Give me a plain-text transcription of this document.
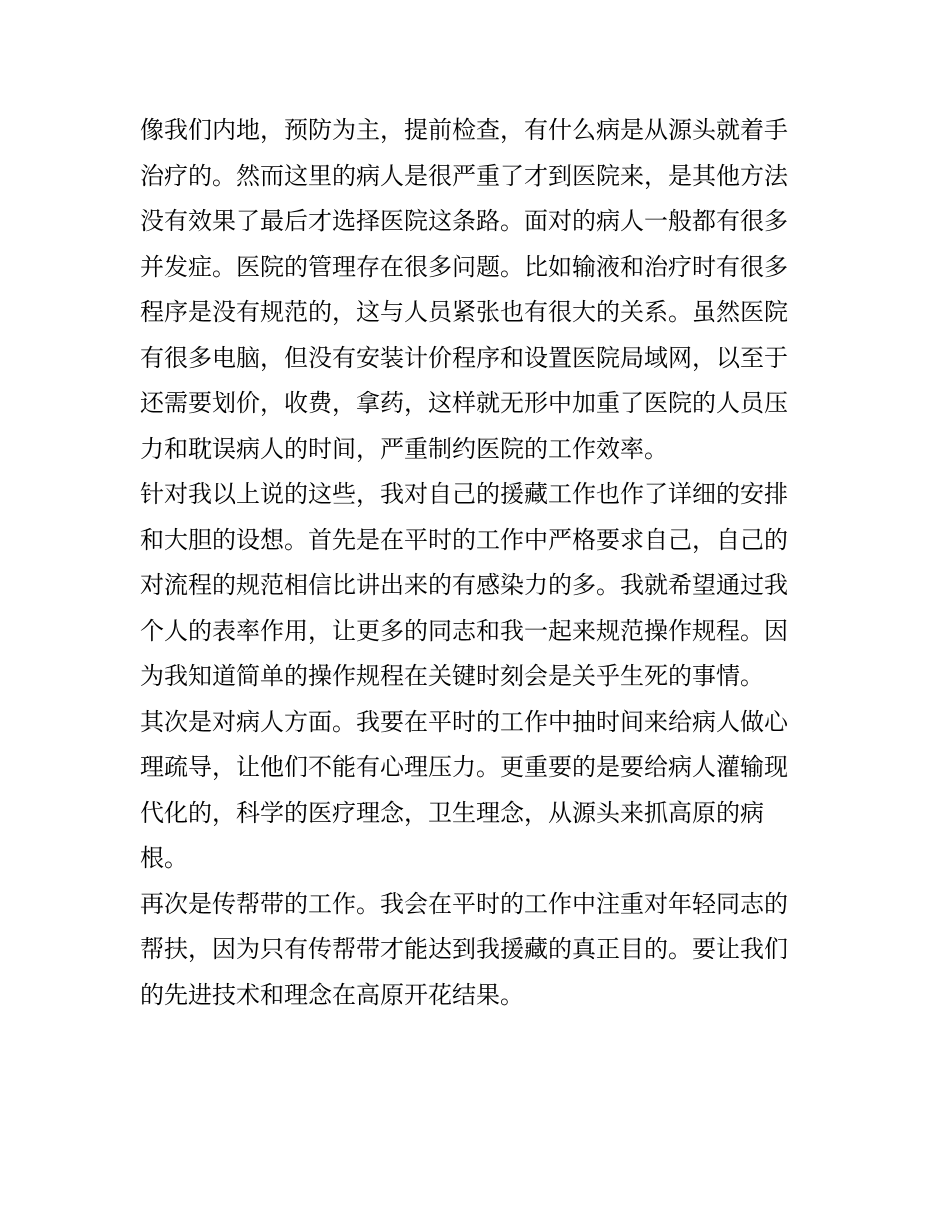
像我们内地，预防为主，提前检查，有什么病是从源头就着手
治疗的。然而这里的病人是很严重了才到医院来，是其他方法
没有效果了最后才选择医院这条路。面对的病人一般都有很多
并发症。医院的管理存在很多问题。比如输液和治疗时有很多
程序是没有规范的，这与人员紧张也有很大的关系。虽然医院
有很多电脑，但没有安装计价程序和设置医院局域网，以至于
还需要划价，收费，拿药，这样就无形中加重了医院的人员压
力和耽误病人的时间，严重制约医院的工作效率。
针对我以上说的这些，我对自己的援藏工作也作了详细的安排
和大胆的设想。首先是在平时的工作中严格要求自己，自己的
对流程的规范相信比讲出来的有感染力的多。我就希望通过我
个人的表率作用，让更多的同志和我一起来规范操作规程。因
为我知道简单的操作规程在关键时刻会是关乎生死的事情。
其次是对病人方面。我要在平时的工作中抽时间来给病人做心
理疏导，让他们不能有心理压力。更重要的是要给病人灌输现
代化的，科学的医疗理念，卫生理念，从源头来抓高原的病
根。
再次是传帮带的工作。我会在平时的工作中注重对年轻同志的
帮扶，因为只有传帮带才能达到我援藏的真正目的。要让我们
的先进技术和理念在高原开花结果。
